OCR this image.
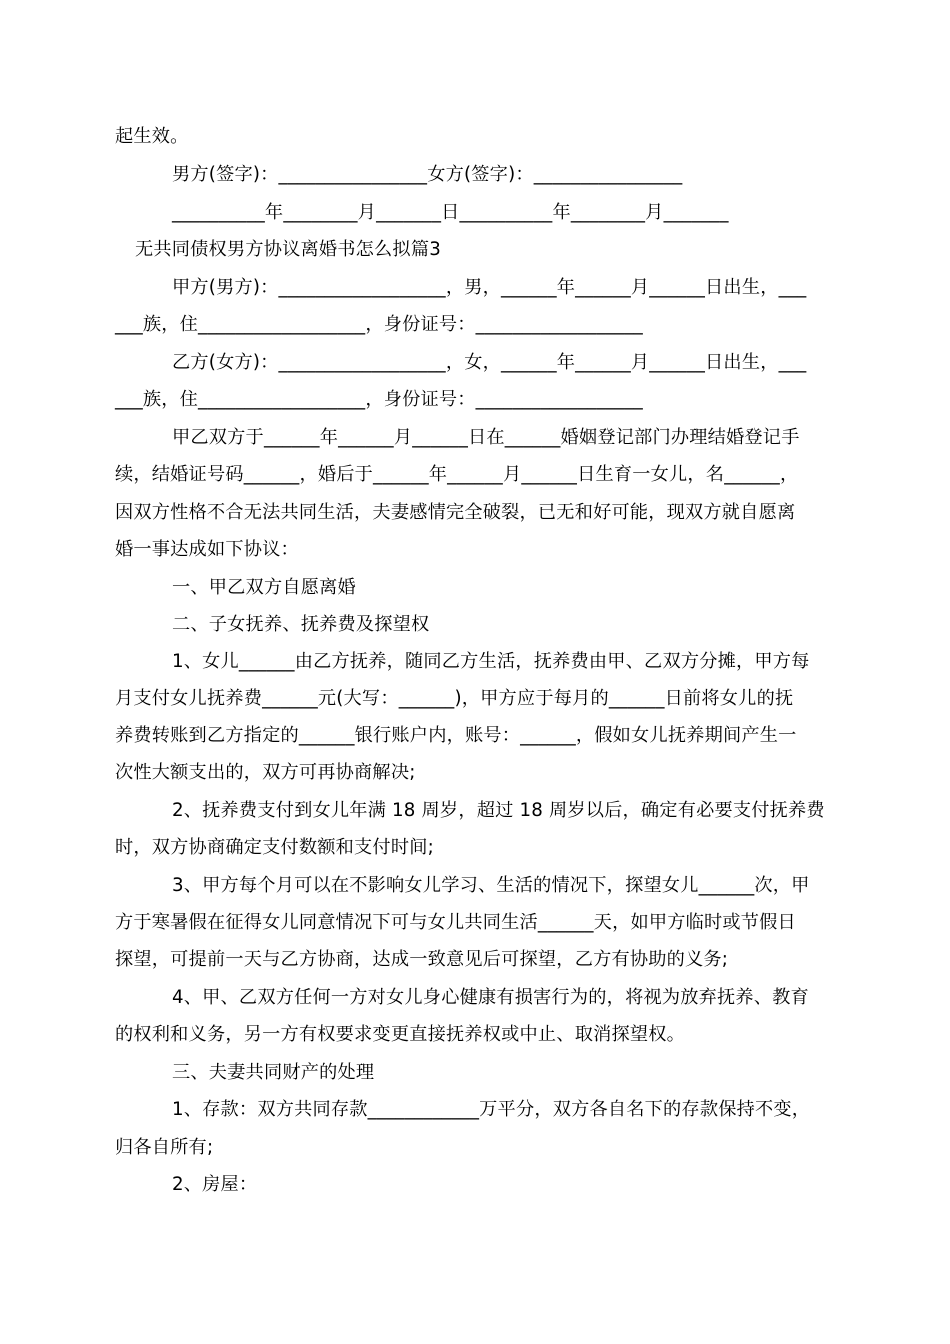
起生效。
男方(签字)：________________女方(签字)：________________
__________年________月_______日__________年________月_______
无共同债权男方协议离婚书怎么拟篇3
甲方(男方)：__________________，男，______年______月______日出生，___
___族，住__________________，身份证号：__________________
乙方(女方)：__________________，女，______年______月______日出生，___
___族，住__________________，身份证号：__________________
甲乙双方于______年______月______日在______婚姻登记部门办理结婚登记手
续，结婚证号码______，婚后于______年______月______日生育一女儿，名______，
因双方性格不合无法共同生活，夫妻感情完全破裂，已无和好可能，现双方就自愿离
婚一事达成如下协议：
一、甲乙双方自愿离婚
二、子女抚养、抚养费及探望权
1、女儿______由乙方抚养，随同乙方生活，抚养费由甲、乙双方分摊，甲方每
月支付女儿抚养费______元(大写：______)，甲方应于每月的______日前将女儿的抚
养费转账到乙方指定的______银行账户内，账号：______，假如女儿抚养期间产生一
次性大额支出的，双方可再协商解决;
2、抚养费支付到女儿年满 18 周岁，超过 18 周岁以后，确定有必要支付抚养费
时，双方协商确定支付数额和支付时间;
3、甲方每个月可以在不影响女儿学习、生活的情况下，探望女儿______次，甲
方于寒暑假在征得女儿同意情况下可与女儿共同生活______天，如甲方临时或节假日
探望，可提前一天与乙方协商，达成一致意见后可探望，乙方有协助的义务;
4、甲、乙双方任何一方对女儿身心健康有损害行为的，将视为放弃抚养、教育
的权利和义务，另一方有权要求变更直接抚养权或中止、取消探望权。
三、夫妻共同财产的处理
1、存款：双方共同存款____________万平分，双方各自名下的存款保持不变，
归各自所有;
2、房屋：
